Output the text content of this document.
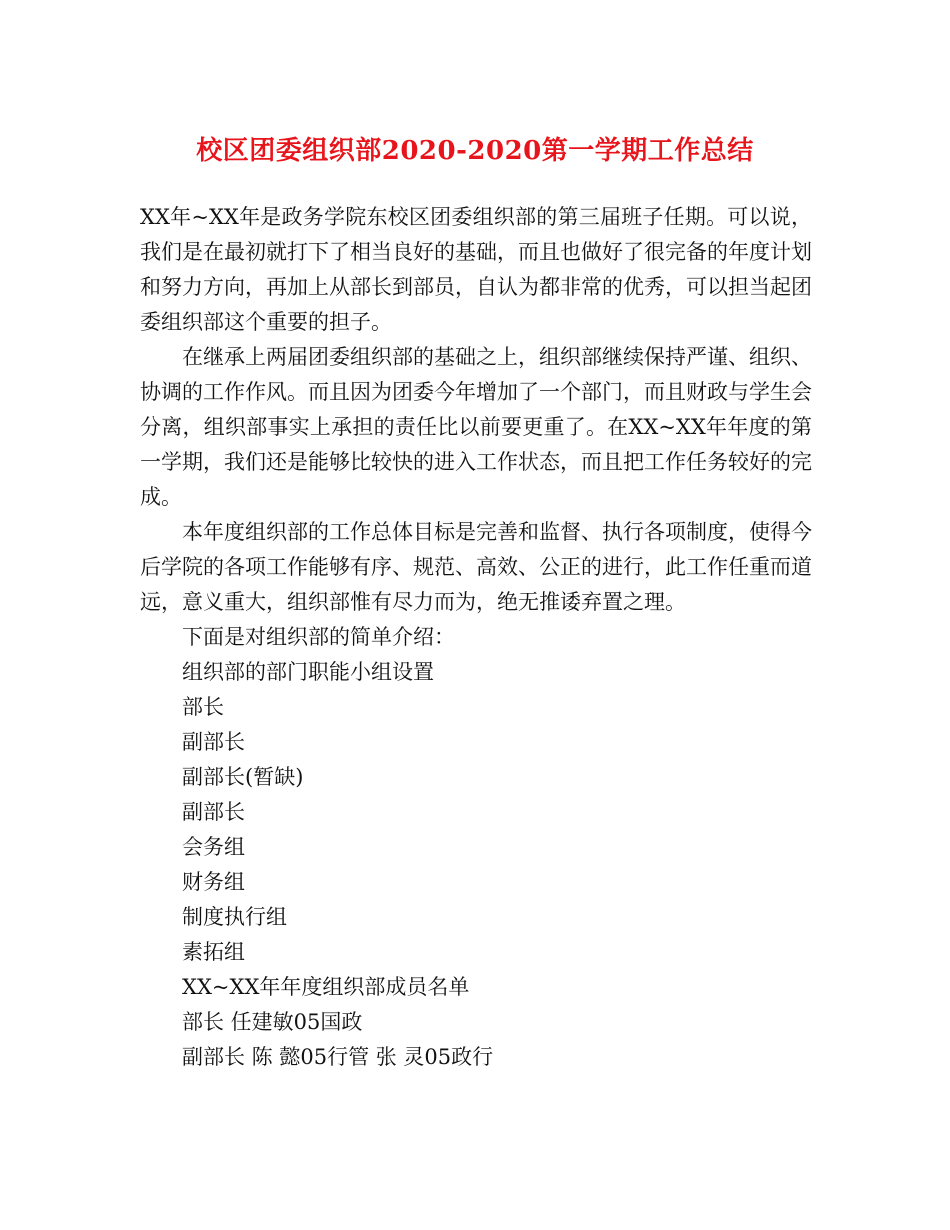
校区团委组织部2020-2020第一学期工作总结

XX年~XX年是政务学院东校区团委组织部的第三届班子任期。可以说，我们是在最初就打下了相当良好的基础，而且也做好了很完备的年度计划和努力方向，再加上从部长到部员，自认为都非常的优秀，可以担当起团委组织部这个重要的担子。

在继承上两届团委组织部的基础之上，组织部继续保持严谨、组织、协调的工作作风。而且因为团委今年增加了一个部门，而且财政与学生会分离，组织部事实上承担的责任比以前要更重了。在XX~XX年年度的第一学期，我们还是能够比较快的进入工作状态，而且把工作任务较好的完成。

本年度组织部的工作总体目标是完善和监督、执行各项制度，使得今后学院的各项工作能够有序、规范、高效、公正的进行，此工作任重而道远，意义重大，组织部惟有尽力而为，绝无推诿弃置之理。

下面是对组织部的简单介绍：

组织部的部门职能小组设置

部长

副部长

副部长(暂缺)

副部长

会务组

财务组

制度执行组

素拓组

XX~XX年年度组织部成员名单

部长 任建敏05国政

副部长 陈 懿05行管 张 灵05政行
